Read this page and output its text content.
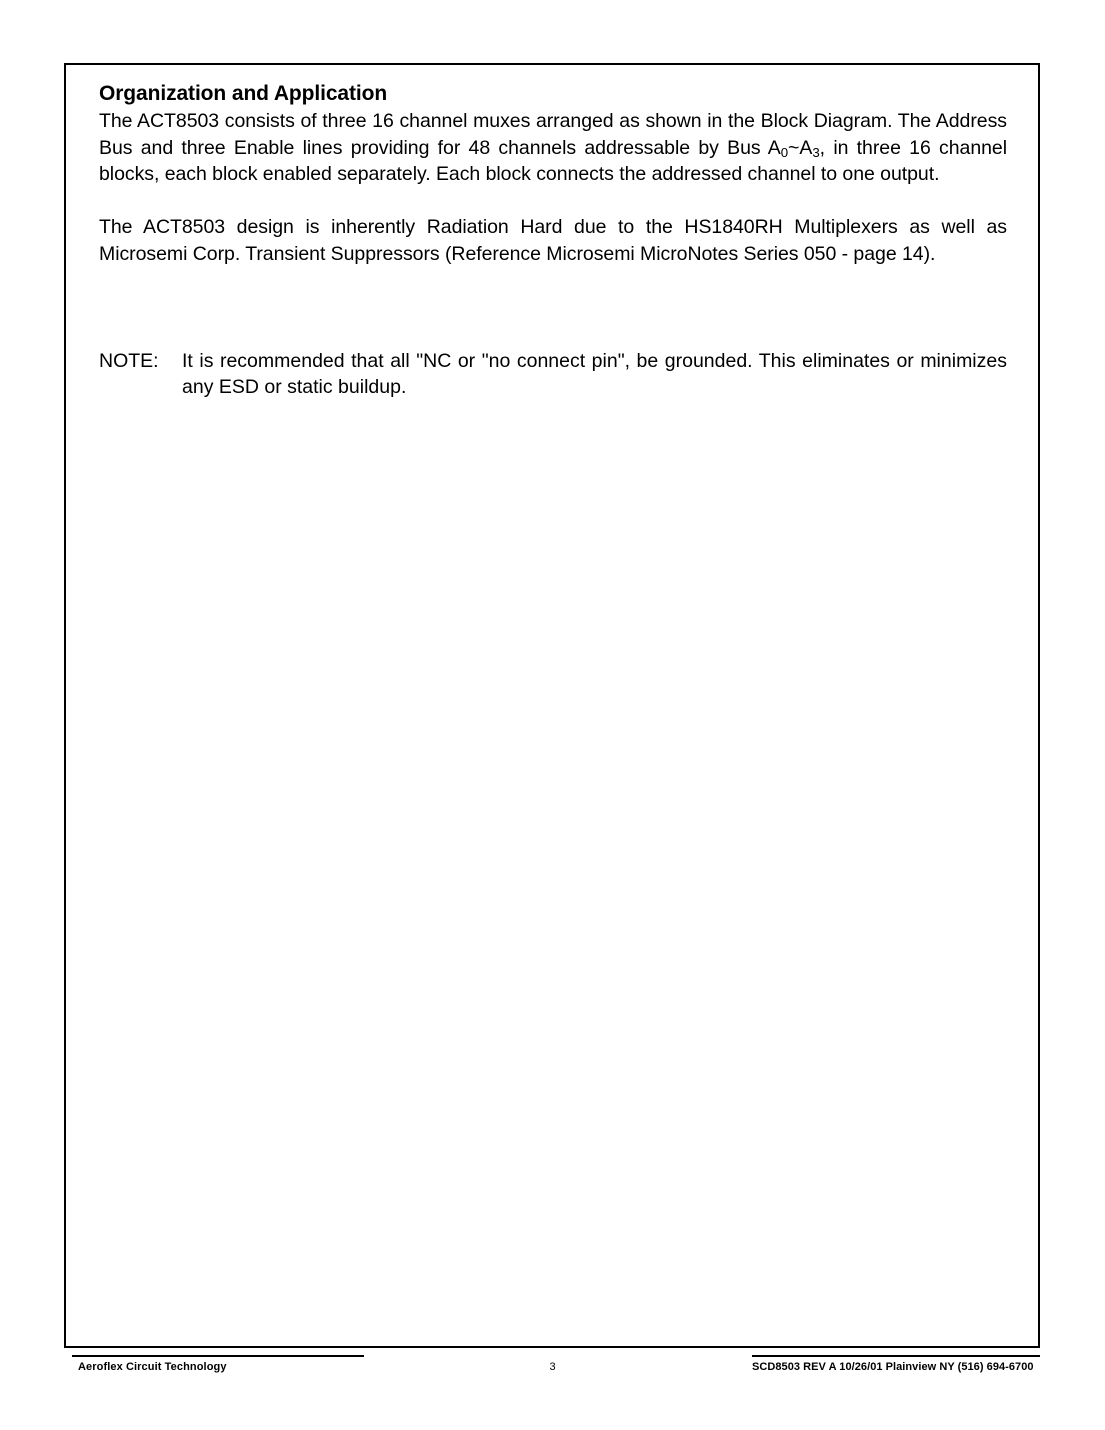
Organization and Application

The ACT8503 consists of three 16 channel muxes arranged as shown in the Block Diagram. The Address Bus and three Enable lines providing for 48 channels addressable by Bus $A_0\sim A_3$, in three 16 channel blocks, each block enabled separately. Each block connects the addressed channel to one output.

The ACT8503 design is inherently Radiation Hard due to the HS1840RH Multiplexers as well as Microsemi Corp. Transient Suppressors (Reference Microsemi MicroNotes Series 050 - page 14).

NOTE:	It is recommended that all "NC or "no connect pin", be grounded. This eliminates or minimizes any ESD or static buildup.
Aeroflex Circuit Technology	3	SCD8503 REV A 10/26/01 Plainview NY (516) 694-6700
